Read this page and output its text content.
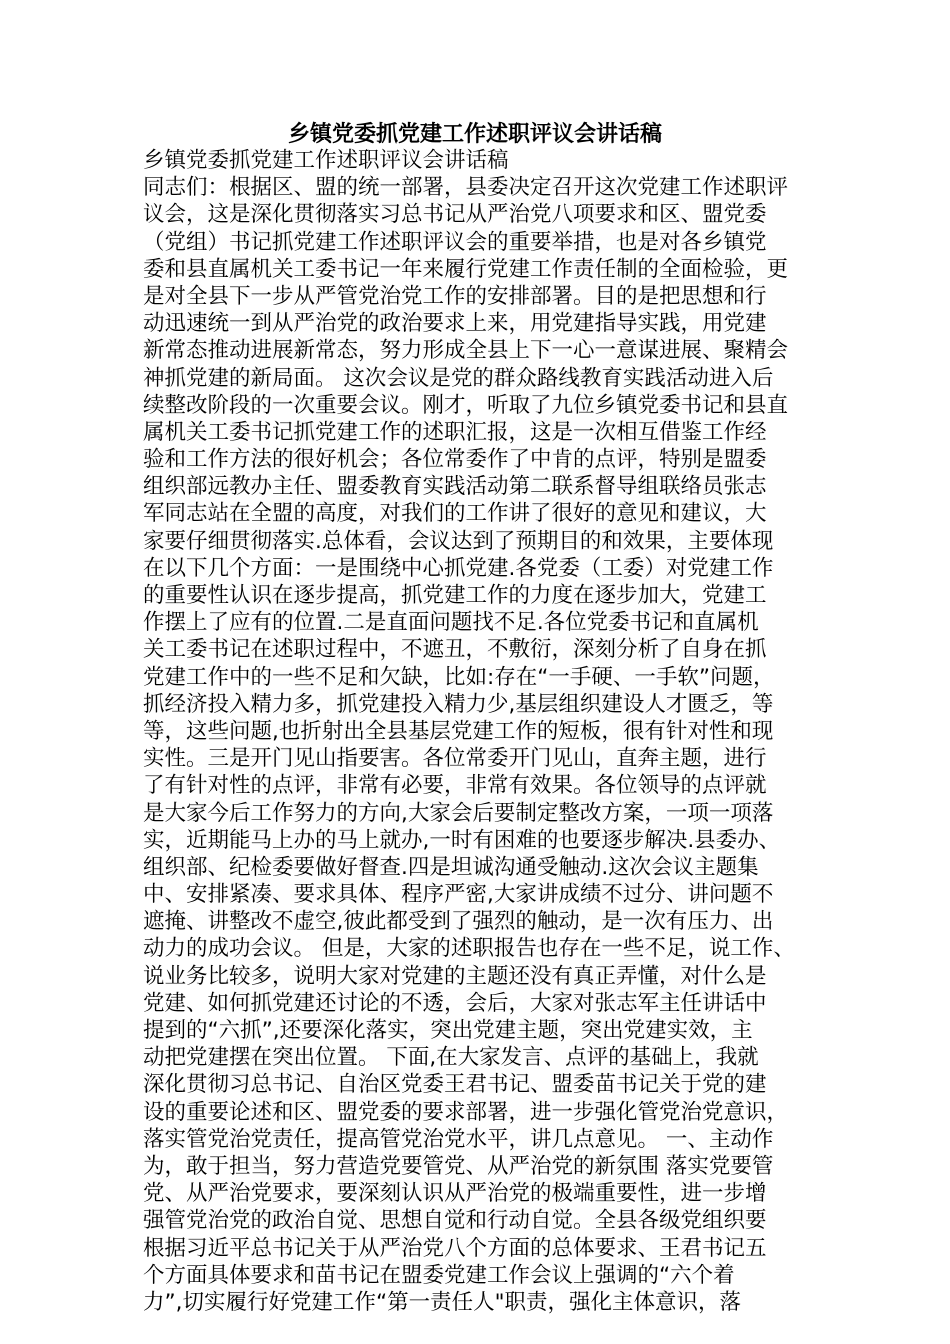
乡镇党委抓党建工作述职评议会讲话稿
乡镇党委抓党建工作述职评议会讲话稿
同志们：根据区、盟的统一部署，县委决定召开这次党建工作述职评
议会，这是深化贯彻落实习总书记从严治党八项要求和区、盟党委
（党组）书记抓党建工作述职评议会的重要举措，也是对各乡镇党
委和县直属机关工委书记一年来履行党建工作责任制的全面检验，更
是对全县下一步从严管党治党工作的安排部署。目的是把思想和行
动迅速统一到从严治党的政治要求上来，用党建指导实践，用党建
新常态推动进展新常态，努力形成全县上下一心一意谋进展、聚精会
神抓党建的新局面。 这次会议是党的群众路线教育实践活动进入后
续整改阶段的一次重要会议。刚才，听取了九位乡镇党委书记和县直
属机关工委书记抓党建工作的述职汇报，这是一次相互借鉴工作经
验和工作方法的很好机会；各位常委作了中肯的点评，特别是盟委
组织部远教办主任、盟委教育实践活动第二联系督导组联络员张志
军同志站在全盟的高度，对我们的工作讲了很好的意见和建议，大
家要仔细贯彻落实.总体看，会议达到了预期目的和效果，主要体现
在以下几个方面：一是围绕中心抓党建.各党委（工委）对党建工作
的重要性认识在逐步提高，抓党建工作的力度在逐步加大，党建工
作摆上了应有的位置.二是直面问题找不足.各位党委书记和直属机
关工委书记在述职过程中，不遮丑，不敷衍，深刻分析了自身在抓
党建工作中的一些不足和欠缺，比如:存在“一手硬、一手软”问题，
抓经济投入精力多，抓党建投入精力少,基层组织建设人才匮乏，等
等，这些问题,也折射出全县基层党建工作的短板，很有针对性和现
实性。三是开门见山指要害。各位常委开门见山，直奔主题，进行
了有针对性的点评，非常有必要，非常有效果。各位领导的点评就
是大家今后工作努力的方向,大家会后要制定整改方案，一项一项落
实，近期能马上办的马上就办,一时有困难的也要逐步解决.县委办、
组织部、纪检委要做好督查.四是坦诚沟通受触动.这次会议主题集
中、安排紧凑、要求具体、程序严密,大家讲成绩不过分、讲问题不
遮掩、讲整改不虚空,彼此都受到了强烈的触动，是一次有压力、出
动力的成功会议。 但是，大家的述职报告也存在一些不足，说工作、
说业务比较多，说明大家对党建的主题还没有真正弄懂，对什么是
党建、如何抓党建还讨论的不透，会后，大家对张志军主任讲话中
提到的“六抓”,还要深化落实，突出党建主题，突出党建实效，主
动把党建摆在突出位置。 下面,在大家发言、点评的基础上，我就
深化贯彻习总书记、自治区党委王君书记、盟委苗书记关于党的建
设的重要论述和区、盟党委的要求部署，进一步强化管党治党意识，
落实管党治党责任，提高管党治党水平，讲几点意见。 一、主动作
为，敢于担当，努力营造党要管党、从严治党的新氛围 落实党要管
党、从严治党要求，要深刻认识从严治党的极端重要性，进一步增
强管党治党的政治自觉、思想自觉和行动自觉。全县各级党组织要
根据习近平总书记关于从严治党八个方面的总体要求、王君书记五
个方面具体要求和苗书记在盟委党建工作会议上强调的“六个着
力”,切实履行好党建工作“第一责任人"职责，强化主体意识，落
